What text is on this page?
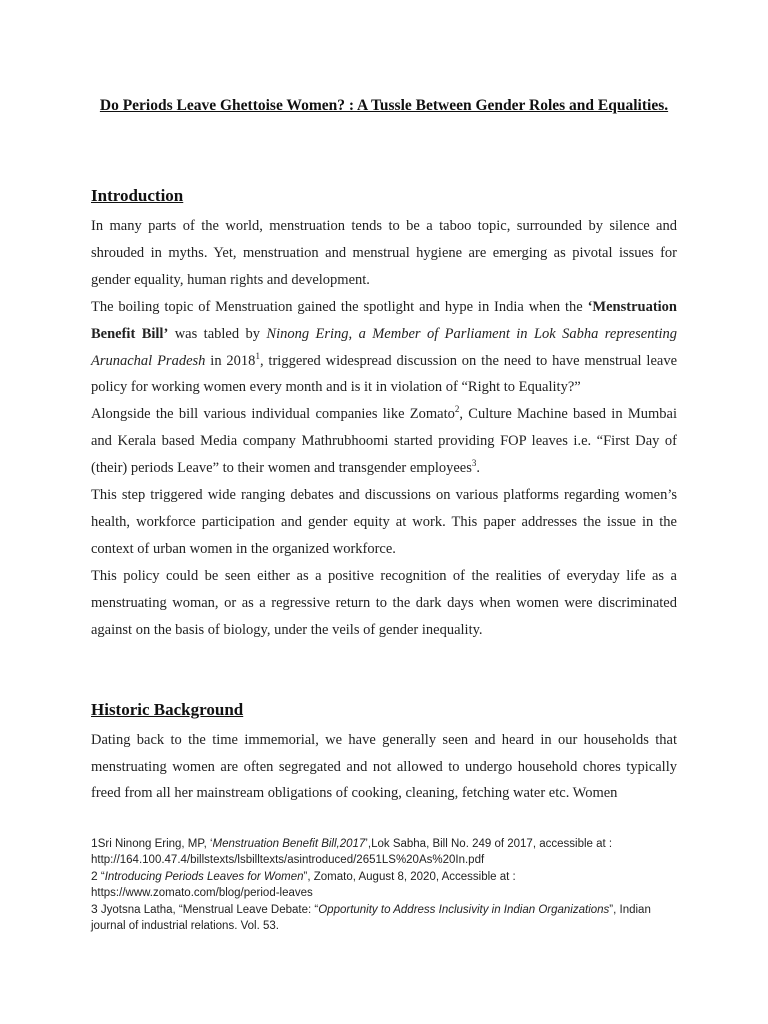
Do Periods Leave Ghettoise Women? : A Tussle Between Gender Roles and Equalities.
Introduction

In many parts of the world, menstruation tends to be a taboo topic, surrounded by silence and shrouded in myths. Yet, menstruation and menstrual hygiene are emerging as pivotal issues for gender equality, human rights and development.

The boiling topic of Menstruation gained the spotlight and hype in India when the ‘Menstruation Benefit Bill’ was tabled by Ninong Ering, a Member of Parliament in Lok Sabha representing Arunachal Pradesh in 2018$^1$, triggered widespread discussion on the need to have menstrual leave policy for working women every month and is it in violation of “Right to Equality?”

Alongside the bill various individual companies like Zomato$^2$, Culture Machine based in Mumbai and Kerala based Media company Mathrubhoomi started providing FOP leaves i.e. “First Day of (their) periods Leave” to their women and transgender employees$^3$.

This step triggered wide ranging debates and discussions on various platforms regarding women’s health, workforce participation and gender equity at work. This paper addresses the issue in the context of urban women in the organized workforce.

This policy could be seen either as a positive recognition of the realities of everyday life as a menstruating woman, or as a regressive return to the dark days when women were discriminated against on the basis of biology, under the veils of gender inequality.

Historic Background

Dating back to the time immemorial, we have generally seen and heard in our households that menstruating women are often segregated and not allowed to undergo household chores typically freed from all her mainstream obligations of cooking, cleaning, fetching water etc. Women

1Sri Ninong Ering, MP, ‘Menstruation Benefit Bill,2017’,Lok Sabha, Bill No. 249 of 2017, accessible at : http://164.100.47.4/billstexts/lsbilltexts/asintroduced/2651LS%20As%20In.pdf

2 “Introducing Periods Leaves for Women”, Zomato, August 8, 2020, Accessible at : https://www.zomato.com/blog/period-leaves

3 Jyotsna Latha, “Menstrual Leave Debate: “Opportunity to Address Inclusivity in Indian Organizations”, Indian journal of industrial relations. Vol. 53.
